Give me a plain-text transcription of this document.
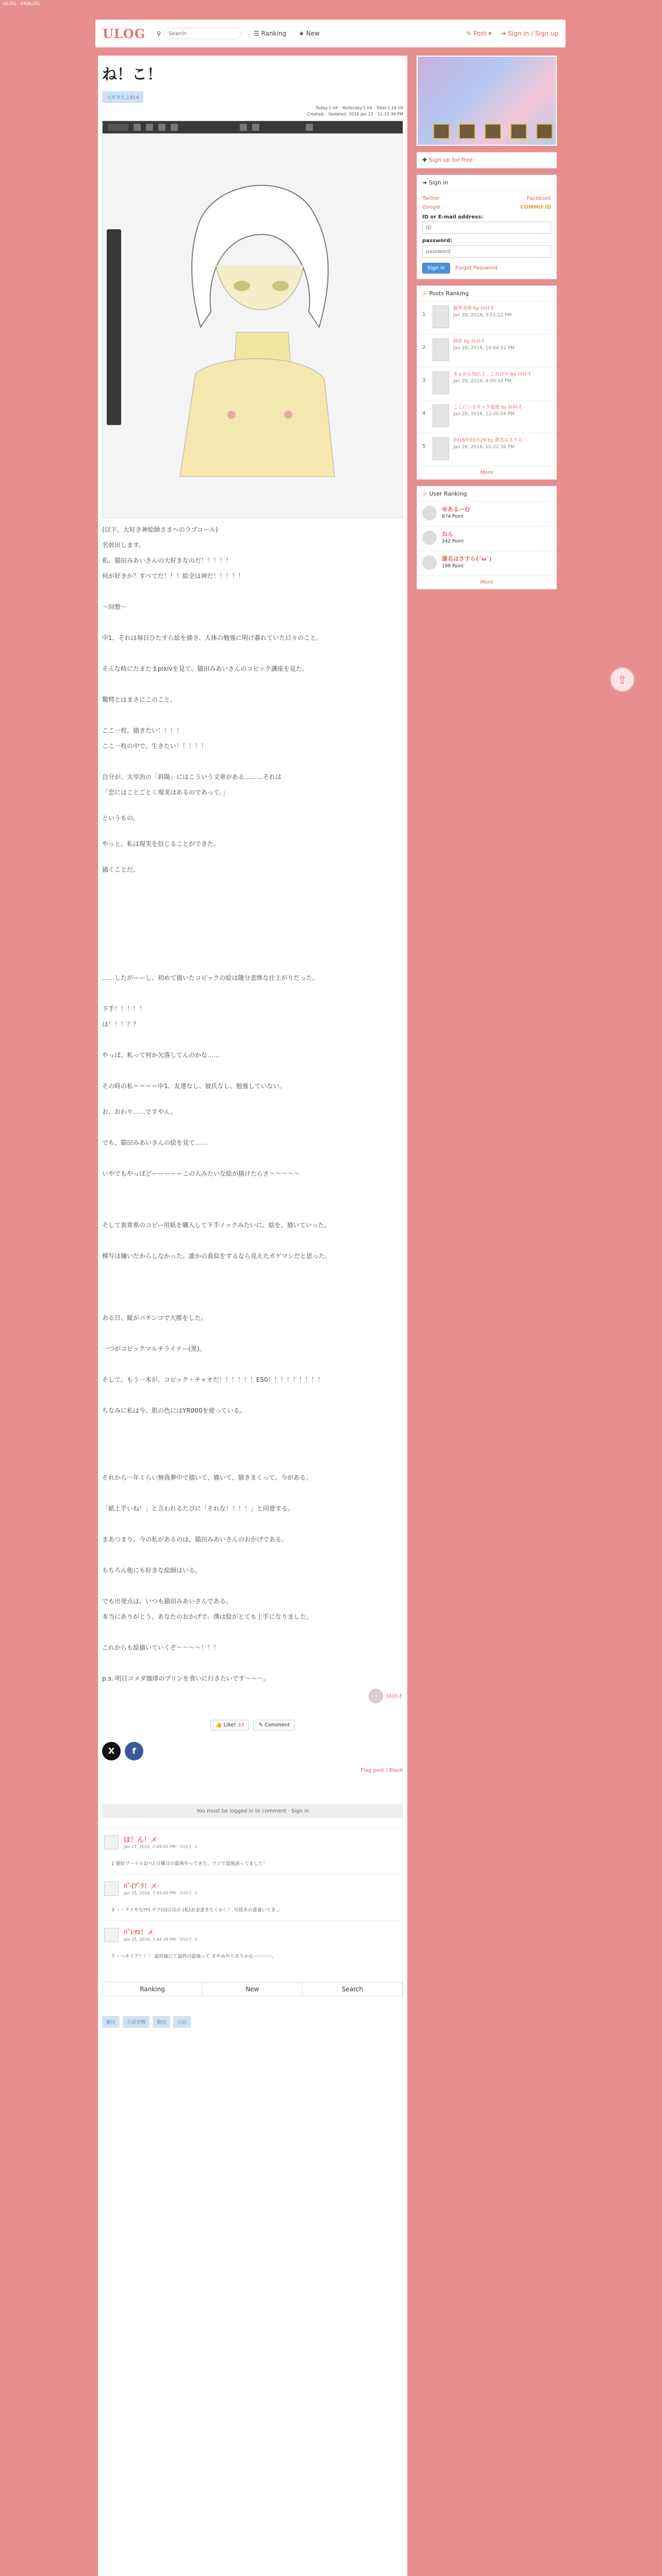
ULOG · ARBLOG
ULOG	⚲
Search	☰ Ranking ★ New	✎ Post ▾ ➜ Sign in / Sign up
ね！こ！
大好きだよ814
Today:1 hit · Yesterday:1 hit · Total:1,16 hit
Created: · Updated: 2016 Jan 22 · 11:33:36 PM

(以下、大好き神絵師さまへのラブコール)

名前出します。

私、猫田みあいさんの大好きなのだ！！！！！

何が好きか？すべてだ！！！絵全は神だ！！！！！

〜回想〜

中1、それは毎日ひたすら絵を描き、人体の勉強に明け暮れていた日々のこと。

そんな時にたまたまpixivを見て、猫田みあいさんのコピック講座を見た。

驚愕とはまさにこのこと。

ここ一枚、描きたい！！！！

ここ一枚の中で、生きたい！！！！！

自分が、太宰治の「斜陽」にはこういう文章がある………それは

「恋にはことごとく現実はあるのであって。」

というもの。

やっと、私は現実を信じることができた。

描くことだ。

……したがーーし、初めて描いたコピックの絵は随分悲惨な仕上がりだった。

下手！！！！！

は！！！？？

やっぱ、私って何か欠落してんのかな……

その時の私＝＝＝＝中1、友達なし、彼氏なし、勉強していない。

お、おわり……ですやん。

でも、猫田みあいさんの絵を見て……

いやでもやっぱどーーーーーこの人みたいな絵が描けたらさ〜〜〜〜〜

そして異常県のコピー用紙を購入して下手ノックみたいに、絵を、描いていった。

模写は嫌いだからしなかった。誰かの真似をするなら見えたガゲマシだと思った。

ある日、縦がパチンコで大勝をした。

一つがコピックマルチライナー(黒)。

そして、もう一本が、コピック・チャオだ！！！！！！E50！！！！！！！！！

ちなみに私は今、肌の色にはYR000を使っている。

それから一年くらい無我夢中で描いて、描いて、描きまくって、今がある。

「紙上手いね！」と言われるたびに「それな！！！！」と同意する。

まあつまり、今の私があるのは、猫田みあいさんのおかげである。

もちろん他にも好きな絵師はいる。

でも出発点は、いつも猫田みあいさんである。

本当にありがとう。あなたのおかげで、僕は絵がとても上手になりました。

これからも絵描いていくぞ〜〜〜〜！！！

p.s. 明日コメダ珈琲のプリンを食いに行きたいです〜〜〜。

ﾈﾈﾈﾈ才
👍 Like! 33	✎ Comment
X	f
Flag post / Block
You must be logged in to comment · Sign in
ほ！ん！メ
Jan 27, 2016, 2:44:05 PM · ﾈﾈﾈﾈ才 ·1
1 猫好ブーイル1(ペ) 日曜日の最後やってきた、マジで最後誤ってました！
ﾊﾞｲﾌﾞﾗ！メ
Jan 25, 2016, 7:43:49 PM · ﾈﾈﾈﾈ才 ·1
3 ・・ケイやなﾜｹﾈ チア(ﾈ)は出の (私)お金書きたくか！！ 写経あの書書いてき...
ﾊﾞﾚﾂﾕ！メ
Jan 25, 2016, 7:44:28 PM · ﾈﾈﾈﾈ才 ·1
7 ・ヘキリア！！！ 最終線にて最終の最後って 才やめやりありかなーーーー。
Ranking	New	Search
猫田	生活習慣	猫田	日記
✚ Sign up for free
➜ Sign in
Twitter	Facebook
Google	COMMU:ID
ID or E-mail address:
ID
password:
Sign in	Forgot Password
♕ Posts Ranking
1
磁界美術 by ﾈﾈﾈﾈ才
Jan 28, 2016, 3:51:22 PM
2
病状 by ﾈﾈﾈﾈ才
Jan 28, 2016, 10:04:52 PM
3
まぁかも知れよ、これはや by ﾈﾈﾈﾈ才
Jan 28, 2016, 4:00:14 PM
4
ここにいるキャラ最後 by ﾈﾈﾈﾈ才
Jan 28, 2016, 12:00:54 PM
5
2016年01月29 by 蓮名はさすら
Jan 28, 2016, 10:22:30 PM
More
♕ User Ranking
ゆあるーむ
874 Point
ねん
242 Point
蓮名はさすら(´ω`)
198 Point
More
⇧
